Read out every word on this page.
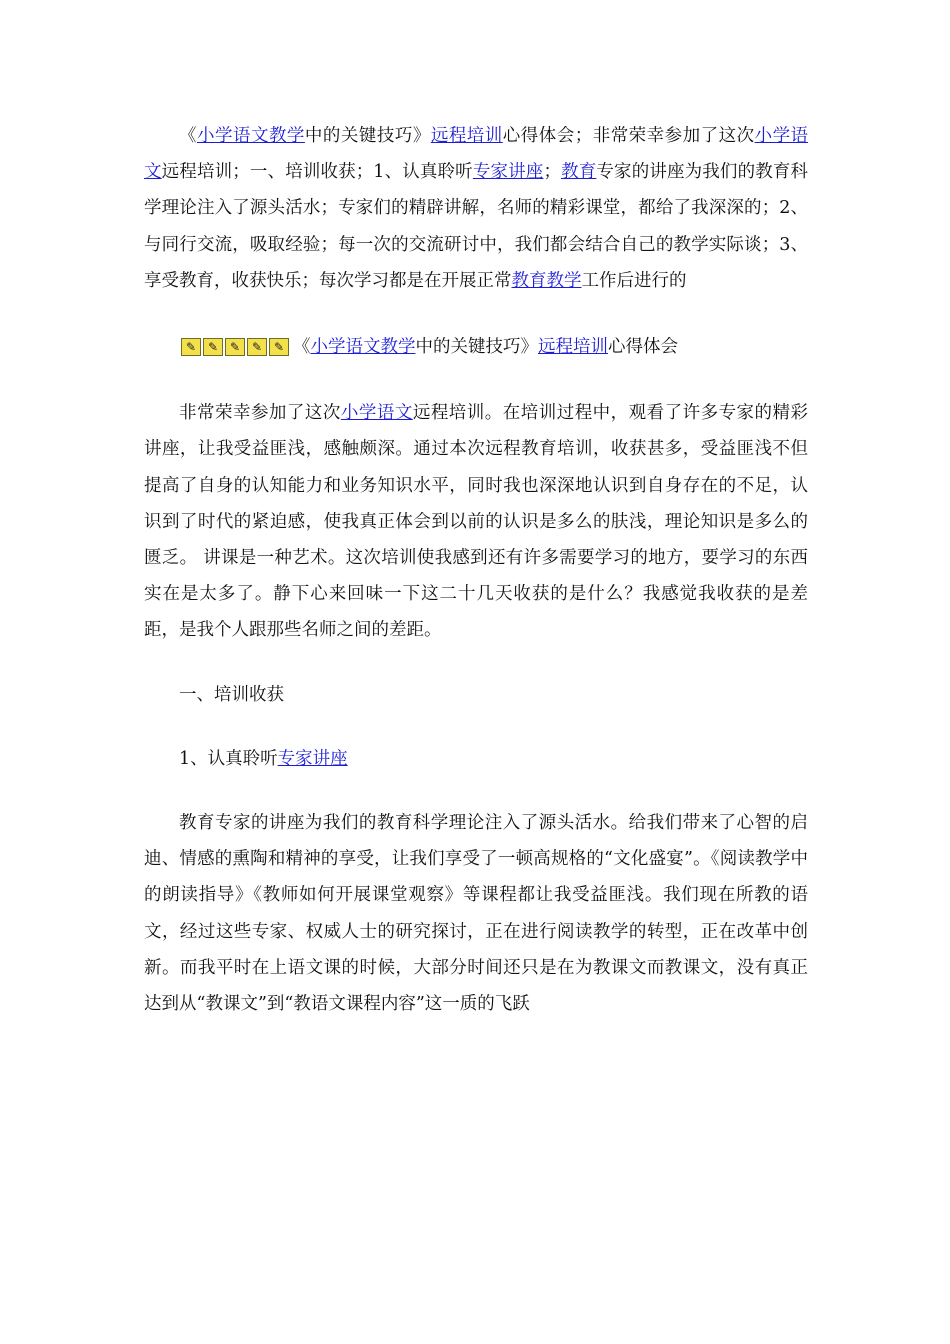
《小学语文教学中的关键技巧》远程培训心得体会；非常荣幸参加了这次小学语文远程培训；一、培训收获；1、认真聆听专家讲座；教育专家的讲座为我们的教育科学理论注入了源头活水；专家们的精辟讲解，名师的精彩课堂，都给了我深深的；2、与同行交流，吸取经验；每一次的交流研讨中，我们都会结合自己的教学实际谈；3、享受教育，收获快乐；每次学习都是在开展正常教育教学工作后进行的

✎ ✎ ✎ ✎ ✎ 《小学语文教学中的关键技巧》远程培训心得体会

非常荣幸参加了这次小学语文远程培训。在培训过程中，观看了许多专家的精彩讲座，让我受益匪浅，感触颇深。通过本次远程教育培训，收获甚多，受益匪浅不但提高了自身的认知能力和业务知识水平，同时我也深深地认识到自身存在的不足，认识到了时代的紧迫感，使我真正体会到以前的认识是多么的肤浅，理论知识是多么的匮乏。 讲课是一种艺术。这次培训使我感到还有许多需要学习的地方，要学习的东西实在是太多了。静下心来回味一下这二十几天收获的是什么？我感觉我收获的是差距，是我个人跟那些名师之间的差距。

一、培训收获

1、认真聆听专家讲座

教育专家的讲座为我们的教育科学理论注入了源头活水。给我们带来了心智的启迪、情感的熏陶和精神的享受，让我们享受了一顿高规格的“文化盛宴”。《阅读教学中的朗读指导》《教师如何开展课堂观察》等课程都让我受益匪浅。我们现在所教的语文，经过这些专家、权威人士的研究探讨，正在进行阅读教学的转型，正在改革中创新。而我平时在上语文课的时候，大部分时间还只是在为教课文而教课文，没有真正达到从“教课文”到“教语文课程内容”这一质的飞跃
